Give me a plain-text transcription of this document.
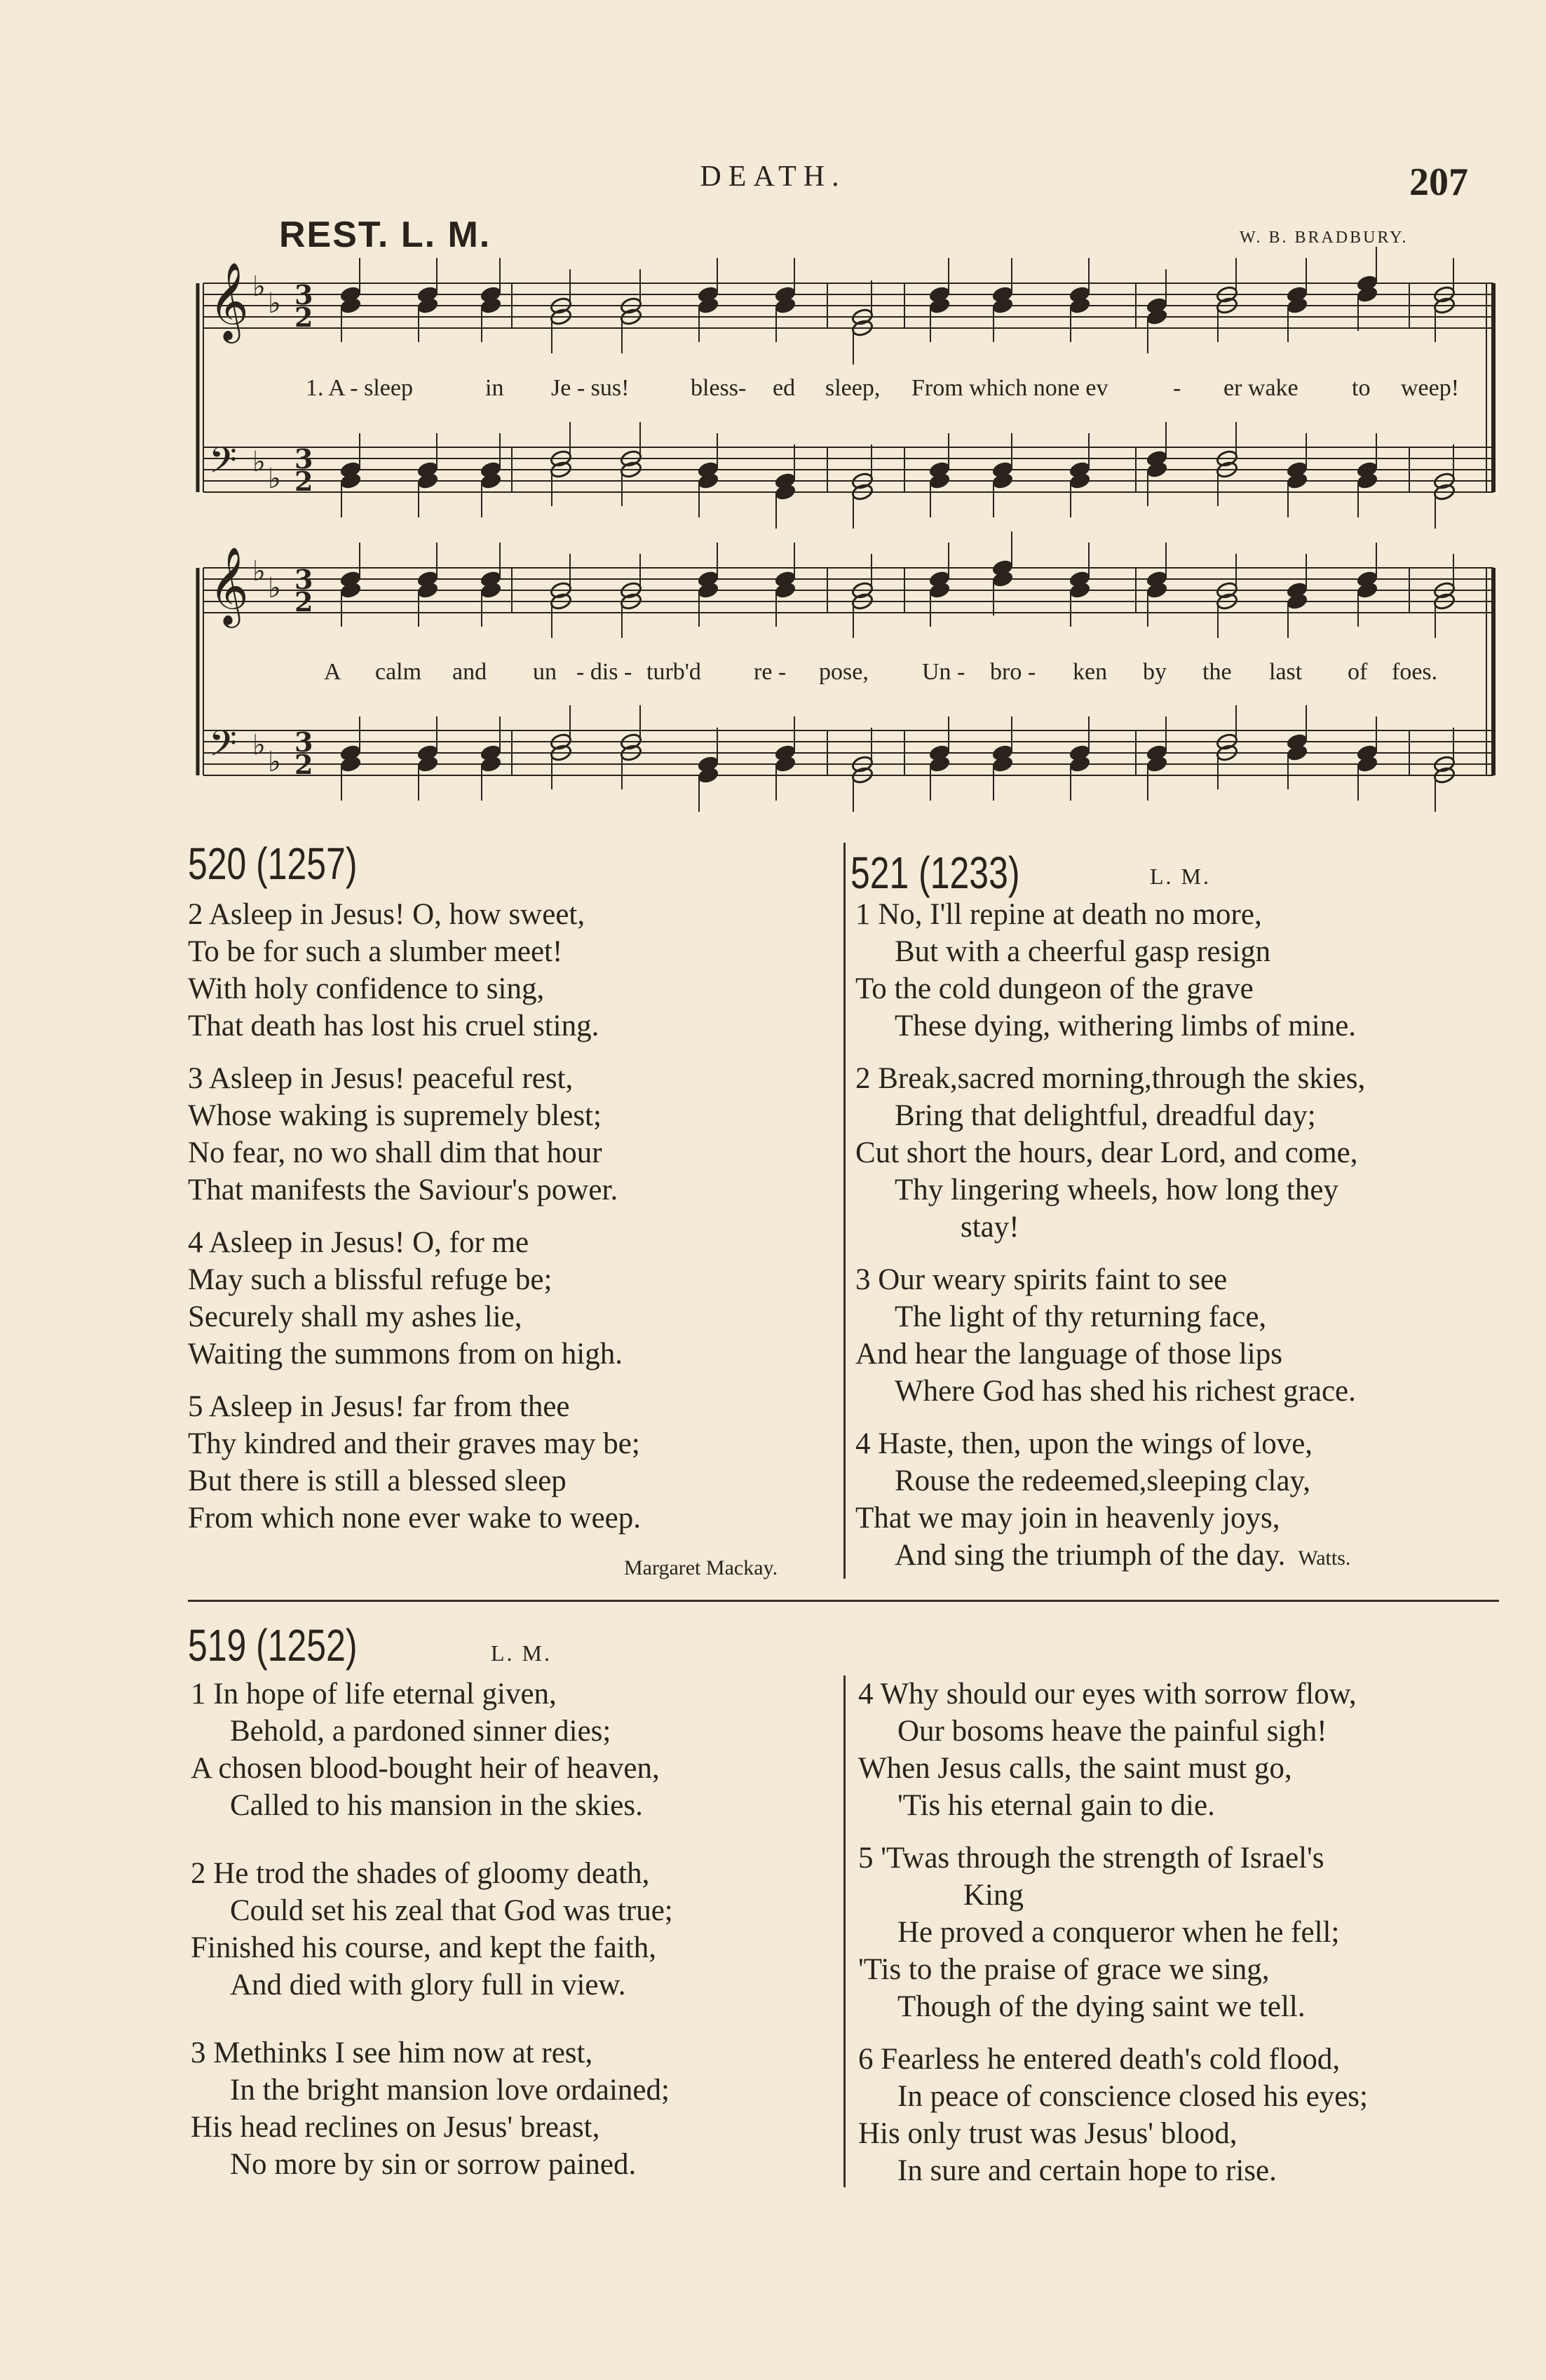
DEATH.	207
REST. L. M.	W. B. BRADBURY.
𝄞 ♭
♭ 3
2
𝄢 ♭
♭
3
2
𝄞 ♭
♭ 3
2
𝄢 ♭
♭
3
2
1. A - sleep	in Je - sus!	bless- ed sleep, From which none ev	- er wake to weep!
A calm and un - dis - turb'd re - pose, Un - bro - ken by the last of foes.
520 (1257)
2 Asleep in Jesus! O, how sweet,
To be for such a slumber meet!
With holy confidence to sing,
That death has lost his cruel sting.
3 Asleep in Jesus! peaceful rest,
Whose waking is supremely blest;
No fear, no wo shall dim that hour
That manifests the Saviour's power.
4 Asleep in Jesus! O, for me
May such a blissful refuge be;
Securely shall my ashes lie,
Waiting the summons from on high.
5 Asleep in Jesus! far from thee
Thy kindred and their graves may be;
But there is still a blessed sleep
From which none ever wake to weep.
Margaret Mackay.
521 (1233)	L. M.
1 No, I'll repine at death no more,
But with a cheerful gasp resign
To the cold dungeon of the grave
These dying, withering limbs of mine.
2 Break,sacred morning,through the skies,
Bring that delightful, dreadful day;
Cut short the hours, dear Lord, and come,
Thy lingering wheels, how long they
stay!
3 Our weary spirits faint to see
The light of thy returning face,
And hear the language of those lips
Where God has shed his richest grace.
4 Haste, then, upon the wings of love,
Rouse the redeemed,sleeping clay,
That we may join in heavenly joys,
And sing the triumph of the day. Watts.
519 (1252)	L. M.
1 In hope of life eternal given,
Behold, a pardoned sinner dies;
A chosen blood-bought heir of heaven,
Called to his mansion in the skies.
2 He trod the shades of gloomy death,
Could set his zeal that God was true;
Finished his course, and kept the faith,
And died with glory full in view.
3 Methinks I see him now at rest,
In the bright mansion love ordained;
His head reclines on Jesus' breast,
No more by sin or sorrow pained.
4 Why should our eyes with sorrow flow,
Our bosoms heave the painful sigh!
When Jesus calls, the saint must go,
'Tis his eternal gain to die.
5 'Twas through the strength of Israel's
King
He proved a conqueror when he fell;
'Tis to the praise of grace we sing,
Though of the dying saint we tell.
6 Fearless he entered death's cold flood,
In peace of conscience closed his eyes;
His only trust was Jesus' blood,
In sure and certain hope to rise.
